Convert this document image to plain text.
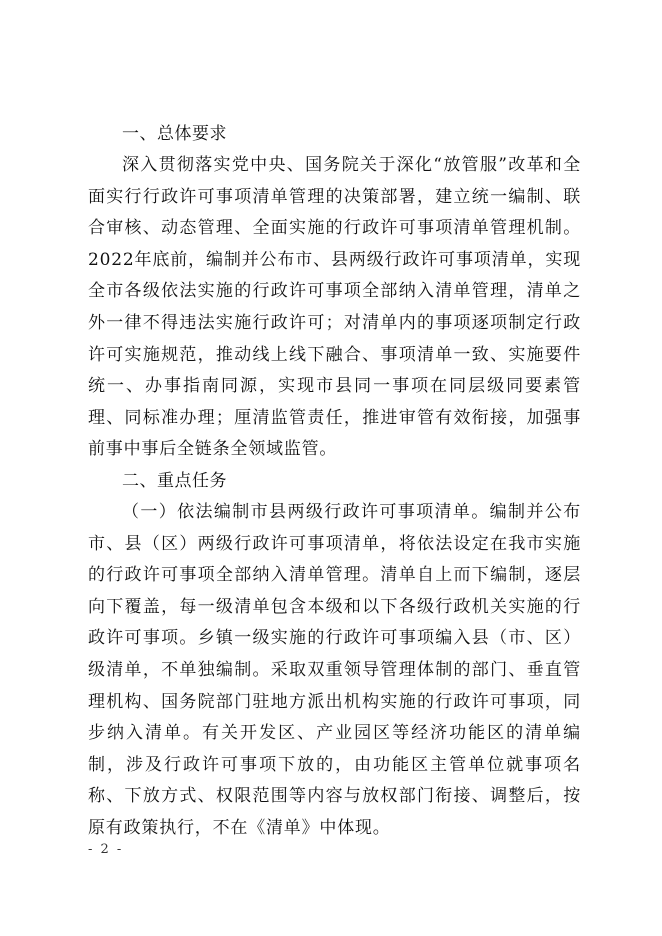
一、总体要求

深入贯彻落实党中央、国务院关于深化“放管服”改革和全面实行行政许可事项清单管理的决策部署，建立统一编制、联合审核、动态管理、全面实施的行政许可事项清单管理机制。2022年底前，编制并公布市、县两级行政许可事项清单，实现全市各级依法实施的行政许可事项全部纳入清单管理，清单之外一律不得违法实施行政许可；对清单内的事项逐项制定行政许可实施规范，推动线上线下融合、事项清单一致、实施要件统一、办事指南同源，实现市县同一事项在同层级同要素管理、同标准办理；厘清监管责任，推进审管有效衔接，加强事前事中事后全链条全领域监管。

二、重点任务

（一）依法编制市县两级行政许可事项清单。编制并公布市、县（区）两级行政许可事项清单，将依法设定在我市实施的行政许可事项全部纳入清单管理。清单自上而下编制，逐层向下覆盖，每一级清单包含本级和以下各级行政机关实施的行政许可事项。乡镇一级实施的行政许可事项编入县（市、区）级清单，不单独编制。采取双重领导管理体制的部门、垂直管理机构、国务院部门驻地方派出机构实施的行政许可事项，同步纳入清单。有关开发区、产业园区等经济功能区的清单编制，涉及行政许可事项下放的，由功能区主管单位就事项名称、下放方式、权限范围等内容与放权部门衔接、调整后，按原有政策执行，不在《清单》中体现。

- 2 -
